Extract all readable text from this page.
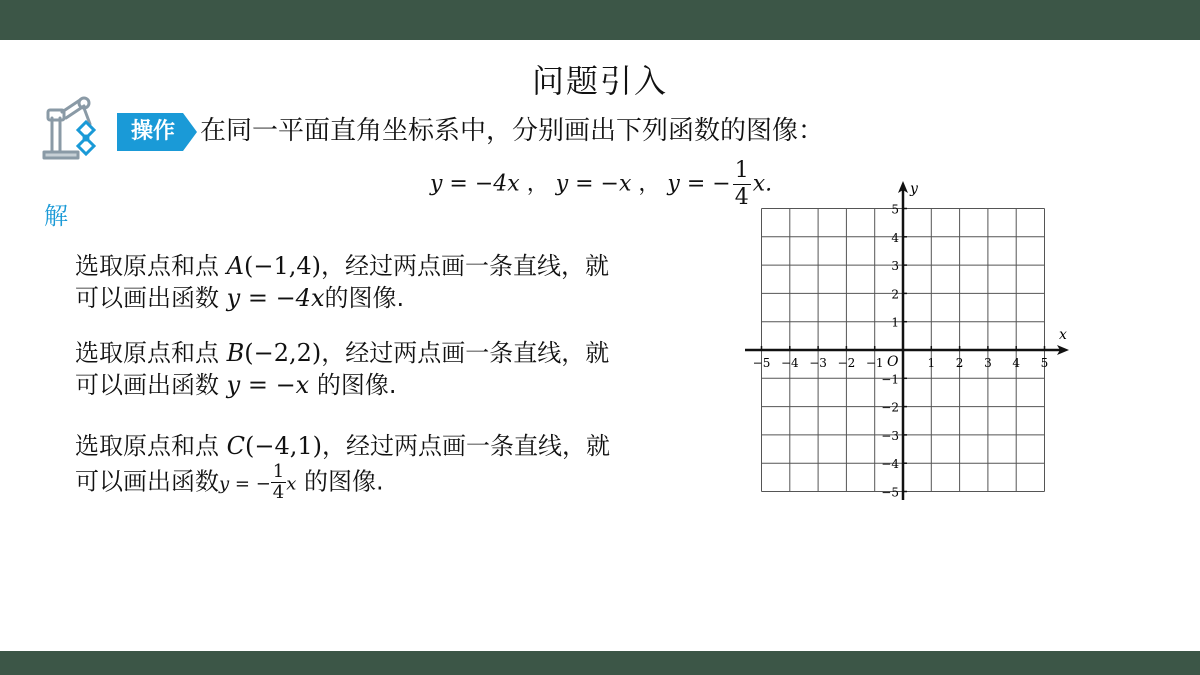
问题引入
操作 在同一平面直角坐标系中，分别画出下列函数的图像：
y = −4x ， y = −x ， y = − $\frac{1}{4} x$.
解
选取原点和点 A(−1,4)，经过两点画一条直线，就
可以画出函数 y = −4x的图像.
选取原点和点 B(−2,2)，经过两点画一条直线，就
可以画出函数 y = −x 的图像.
选取原点和点 C(−4,1)，经过两点画一条直线，就
可以画出函数y = − $\frac{1}{4}$ x 的图像.
−5 −4 −3 −2 −1	1 2 3 4 5
5
4
3
2
1
−1
−2
−3
−4
−5
x
y
O
